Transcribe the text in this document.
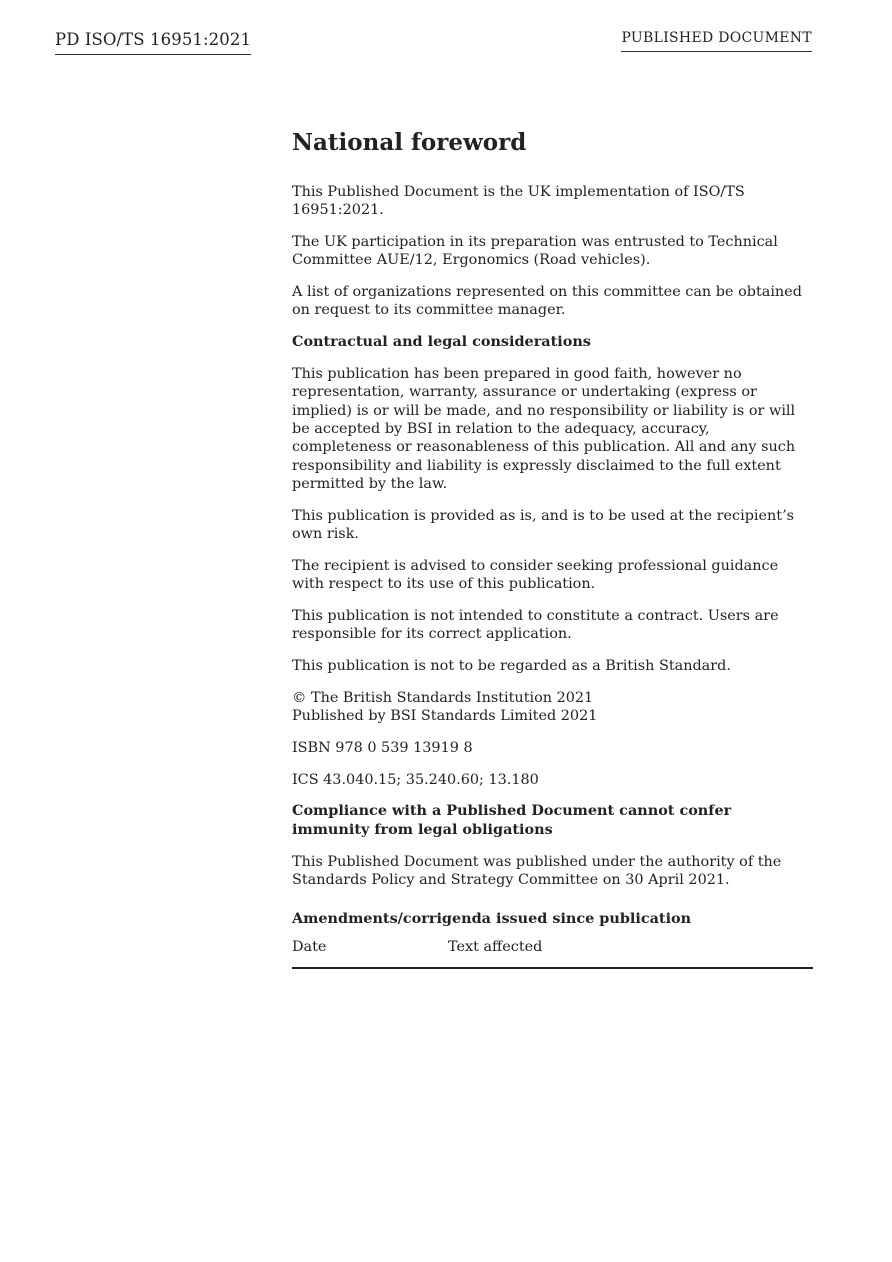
PD ISO/TS 16951:2021	PUBLISHED DOCUMENT
National foreword

This Published Document is the UK implementation of ISO/TS 16951:2021.

The UK participation in its preparation was entrusted to Technical Committee AUE/12, Ergonomics (Road vehicles).

A list of organizations represented on this committee can be obtained on request to its committee manager.

Contractual and legal considerations

This publication has been prepared in good faith, however no representation, warranty, assurance or undertaking (express or implied) is or will be made, and no responsibility or liability is or will be accepted by BSI in relation to the adequacy, accuracy, completeness or reasonableness of this publication. All and any such responsibility and liability is expressly disclaimed to the full extent permitted by the law.

This publication is provided as is, and is to be used at the recipient’s own risk.

The recipient is advised to consider seeking professional guidance with respect to its use of this publication.

This publication is not intended to constitute a contract. Users are responsible for its correct application.

This publication is not to be regarded as a British Standard.

© The British Standards Institution 2021
Published by BSI Standards Limited 2021

ISBN 978 0 539 13919 8

ICS 43.040.15; 35.240.60; 13.180

Compliance with a Published Document cannot confer immunity from legal obligations

This Published Document was published under the authority of the Standards Policy and Strategy Committee on 30 April 2021.

Amendments/corrigenda issued since publication
Date	Text affected
